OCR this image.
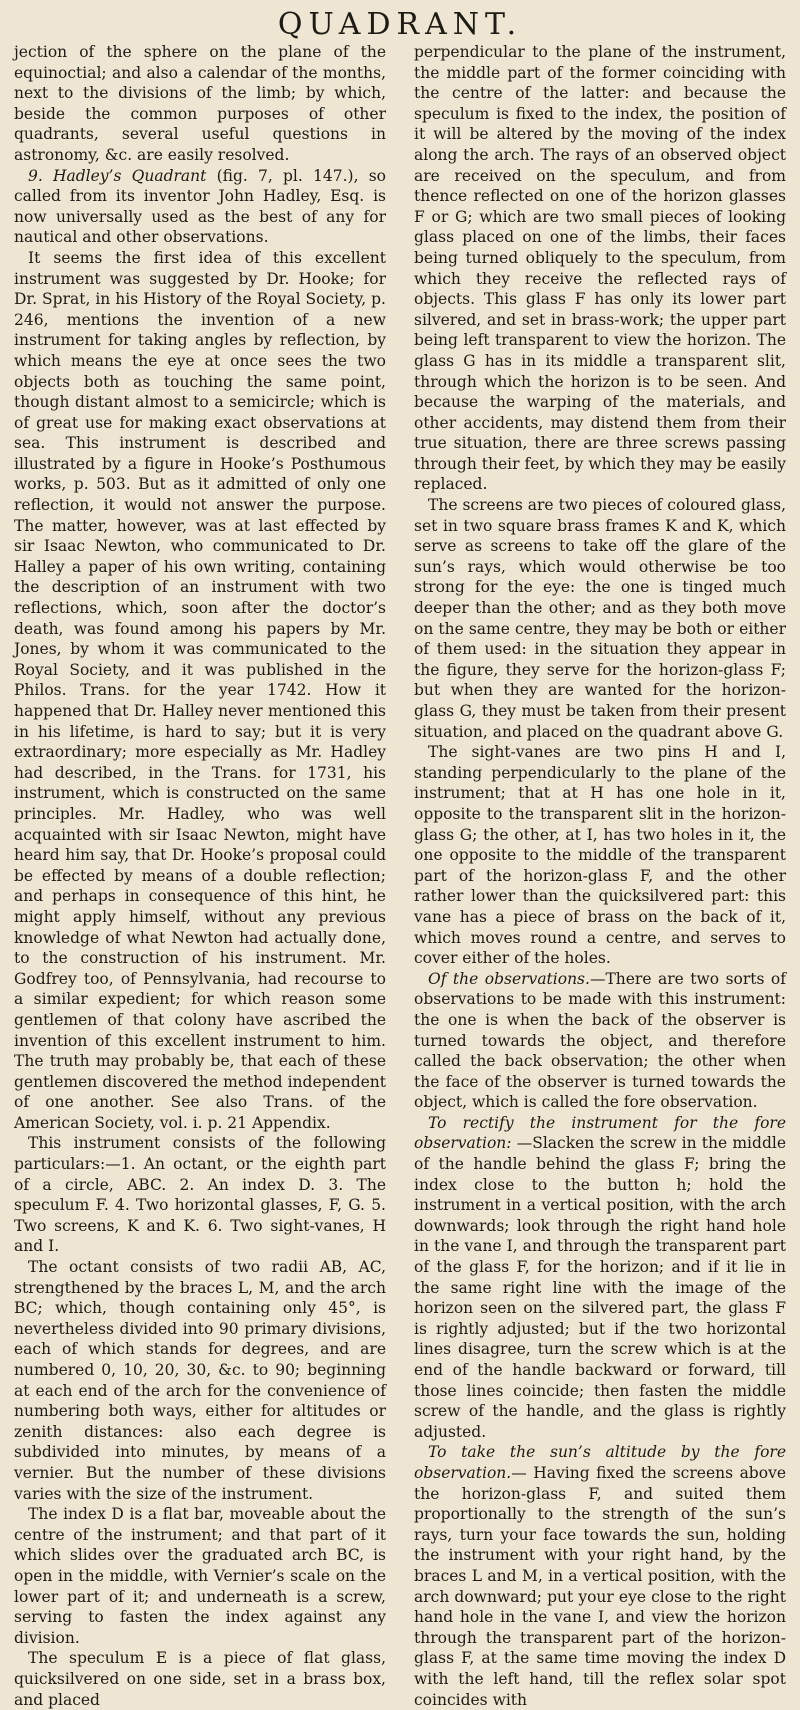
QUADRANT.

jection of the sphere on the plane of the equinoctial; and also a calendar of the months, next to the divisions of the limb; by which, beside the common purposes of other quadrants, several useful questions in astronomy, &c. are easily resolved.

9. Hadley’s Quadrant (fig. 7, pl. 147.), so called from its inventor John Hadley, Esq. is now universally used as the best of any for nautical and other observations.

It seems the first idea of this excellent instrument was suggested by Dr. Hooke; for Dr. Sprat, in his History of the Royal Society, p. 246, mentions the invention of a new instrument for taking angles by reflection, by which means the eye at once sees the two objects both as touching the same point, though distant almost to a semicircle; which is of great use for making exact observations at sea. This instrument is described and illustrated by a figure in Hooke’s Posthumous works, p. 503. But as it admitted of only one reflection, it would not answer the purpose. The matter, however, was at last effected by sir Isaac Newton, who communicated to Dr. Halley a paper of his own writing, containing the description of an instrument with two reflections, which, soon after the doctor’s death, was found among his papers by Mr. Jones, by whom it was communicated to the Royal Society, and it was published in the Philos. Trans. for the year 1742. How it happened that Dr. Halley never mentioned this in his lifetime, is hard to say; but it is very extraordinary; more especially as Mr. Hadley had described, in the Trans. for 1731, his instrument, which is constructed on the same principles. Mr. Hadley, who was well acquainted with sir Isaac Newton, might have heard him say, that Dr. Hooke’s proposal could be effected by means of a double reflection; and perhaps in consequence of this hint, he might apply himself, without any previous knowledge of what Newton had actually done, to the construction of his instrument. Mr. Godfrey too, of Pennsylvania, had recourse to a similar expedient; for which reason some gentlemen of that colony have ascribed the invention of this excellent instrument to him. The truth may probably be, that each of these gentlemen discovered the method independent of one another. See also Trans. of the American Society, vol. i. p. 21 Appendix.

This instrument consists of the following particulars:—1. An octant, or the eighth part of a circle, ABC. 2. An index D. 3. The speculum F. 4. Two horizontal glasses, F, G. 5. Two screens, K and K. 6. Two sight-vanes, H and I.

The octant consists of two radii AB, AC, strengthened by the braces L, M, and the arch BC; which, though containing only 45°, is nevertheless divided into 90 primary divisions, each of which stands for degrees, and are numbered 0, 10, 20, 30, &c. to 90; beginning at each end of the arch for the convenience of numbering both ways, either for altitudes or zenith distances: also each degree is subdivided into minutes, by means of a vernier. But the number of these divisions varies with the size of the instrument.

The index D is a flat bar, moveable about the centre of the instrument; and that part of it which slides over the graduated arch BC, is open in the middle, with Vernier’s scale on the lower part of it; and underneath is a screw, serving to fasten the index against any division.

The speculum E is a piece of flat glass, quicksilvered on one side, set in a brass box, and placed

perpendicular to the plane of the instrument, the middle part of the former coinciding with the centre of the latter: and because the speculum is fixed to the index, the position of it will be altered by the moving of the index along the arch. The rays of an observed object are received on the speculum, and from thence reflected on one of the horizon glasses F or G; which are two small pieces of looking glass placed on one of the limbs, their faces being turned obliquely to the speculum, from which they receive the reflected rays of objects. This glass F has only its lower part silvered, and set in brass-work; the upper part being left transparent to view the horizon. The glass G has in its middle a transparent slit, through which the horizon is to be seen. And because the warping of the materials, and other accidents, may distend them from their true situation, there are three screws passing through their feet, by which they may be easily replaced.

The screens are two pieces of coloured glass, set in two square brass frames K and K, which serve as screens to take off the glare of the sun’s rays, which would otherwise be too strong for the eye: the one is tinged much deeper than the other; and as they both move on the same centre, they may be both or either of them used: in the situation they appear in the figure, they serve for the horizon-glass F; but when they are wanted for the horizon-glass G, they must be taken from their present situation, and placed on the quadrant above G.

The sight-vanes are two pins H and I, standing perpendicularly to the plane of the instrument; that at H has one hole in it, opposite to the transparent slit in the horizon-glass G; the other, at I, has two holes in it, the one opposite to the middle of the transparent part of the horizon-glass F, and the other rather lower than the quicksilvered part: this vane has a piece of brass on the back of it, which moves round a centre, and serves to cover either of the holes.

Of the observations.—There are two sorts of observations to be made with this instrument: the one is when the back of the observer is turned towards the object, and therefore called the back observation; the other when the face of the observer is turned towards the object, which is called the fore observation.

To rectify the instrument for the fore observation: —Slacken the screw in the middle of the handle behind the glass F; bring the index close to the button h; hold the instrument in a vertical position, with the arch downwards; look through the right hand hole in the vane I, and through the transparent part of the glass F, for the horizon; and if it lie in the same right line with the image of the horizon seen on the silvered part, the glass F is rightly adjusted; but if the two horizontal lines disagree, turn the screw which is at the end of the handle backward or forward, till those lines coincide; then fasten the middle screw of the handle, and the glass is rightly adjusted.

To take the sun’s altitude by the fore observation.— Having fixed the screens above the horizon-glass F, and suited them proportionally to the strength of the sun’s rays, turn your face towards the sun, holding the instrument with your right hand, by the braces L and M, in a vertical position, with the arch downward; put your eye close to the right hand hole in the vane I, and view the horizon through the transparent part of the horizon-glass F, at the same time moving the index D with the left hand, till the reflex solar spot coincides with
